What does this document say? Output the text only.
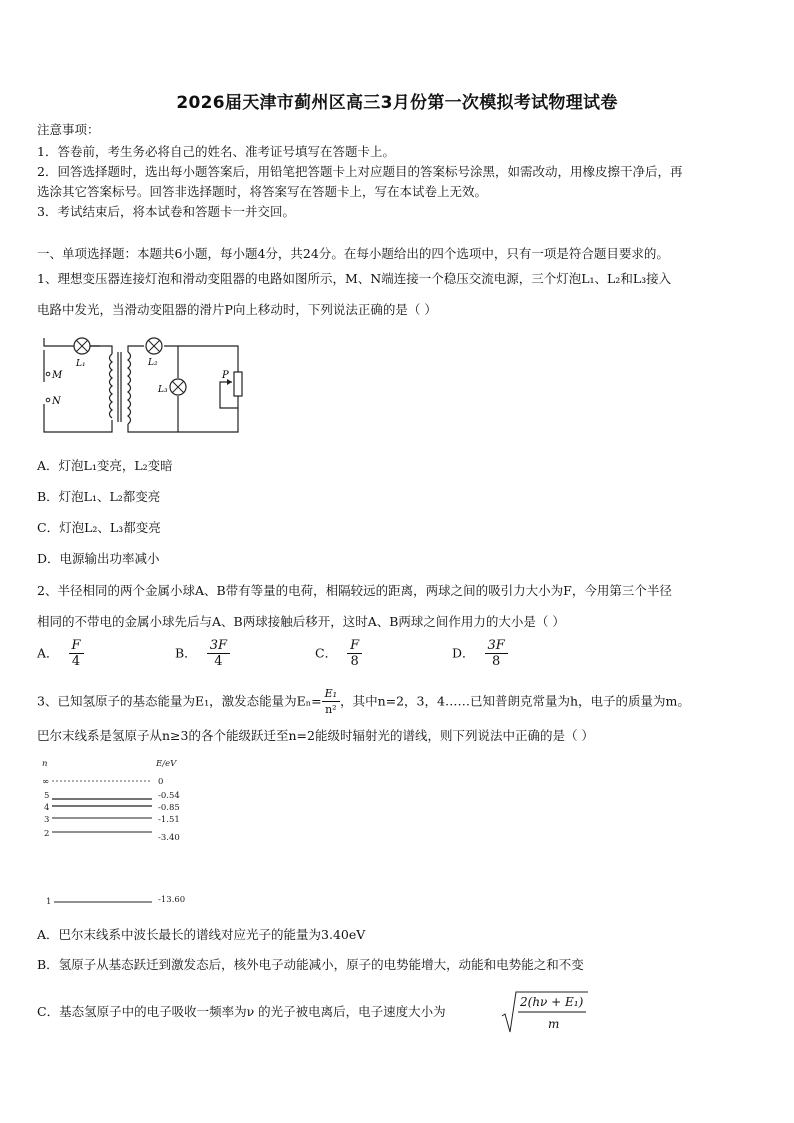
2026届天津市蓟州区高三3月份第一次模拟考试物理试卷
注意事项：
1．答卷前，考生务必将自己的姓名、准考证号填写在答题卡上。
2．回答选择题时，选出每小题答案后，用铅笔把答题卡上对应题目的答案标号涂黑，如需改动，用橡皮擦干净后，再
选涂其它答案标号。回答非选择题时，将答案写在答题卡上，写在本试卷上无效。
3．考试结束后，将本试卷和答题卡一并交回。
一、单项选择题：本题共6小题，每小题4分，共24分。在每小题给出的四个选项中，只有一项是符合题目要求的。
1、理想变压器连接灯泡和滑动变阻器的电路如图所示，M、N端连接一个稳压交流电源，三个灯泡L₁、L₂和L₃接入
电路中发光，当滑动变阻器的滑片P向上移动时，下列说法正确的是（ ）
M
N
L₁	L₂
L₃
P
A．灯泡L₁变亮，L₂变暗
B．灯泡L₁、L₂都变亮
C．灯泡L₂、L₃都变亮
D．电源输出功率减小
2、半径相同的两个金属小球A、B带有等量的电荷，相隔较远的距离，两球之间的吸引力大小为F，今用第三个半径
相同的不带电的金属小球先后与A、B两球接触后移开，这时A、B两球之间作用力的大小是（ ）
A． $\frac{F}{4}$	B． $\frac{3F}{4}$	C． $\frac{F}{8}$	D． $\frac{3F}{8}$
3、已知氢原子的基态能量为E₁，激发态能量为$E_n= \frac{\text{E₁}}{\text{n²}}$ ，其中n=2，3，4……已知普朗克常量为h，电子的质量为m。
巴尔末线系是氢原子从n≥3的各个能级跃迁至n=2能级时辐射光的谱线，则下列说法中正确的是（ ）
n	E/eV
∞	0
5	-0.54
4	-0.85
3	-1.51
2	-3.40
1	-13.60
A．巴尔末线系中波长最长的谱线对应光子的能量为3.40eV
B．氢原子从基态跃迁到激发态后，核外电子动能减小，原子的电势能增大，动能和电势能之和不变
C．基态氢原子中的电子吸收一频率为ν 的光子被电离后，电子速度大小为
2(hν + E₁)
m
